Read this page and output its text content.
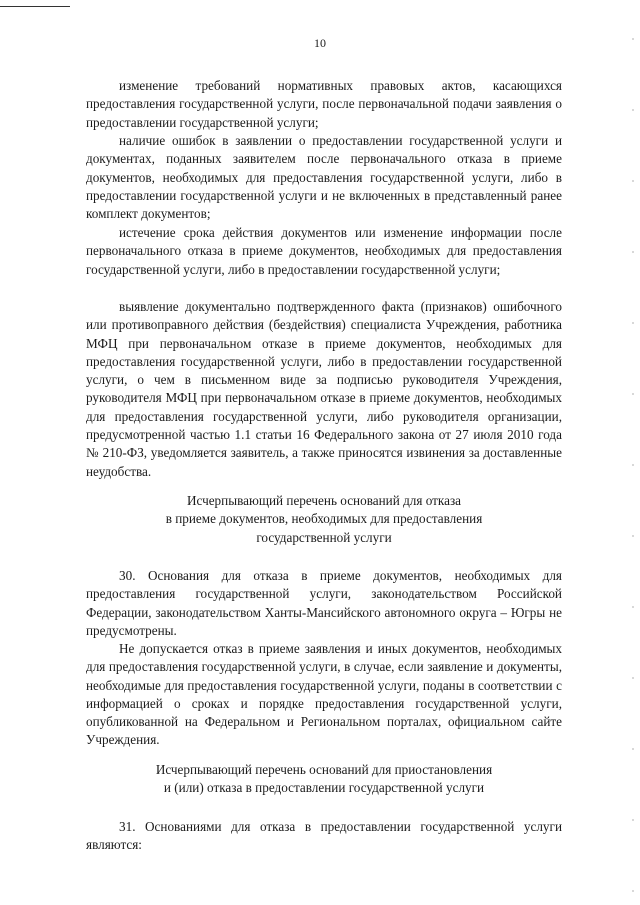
10

изменение требований нормативных правовых актов, касающихся предоставления государственной услуги, после первоначальной подачи заявления о предоставлении государственной услуги;

наличие ошибок в заявлении о предоставлении государственной услуги и документах, поданных заявителем после первоначального отказа в приеме документов, необходимых для предоставления государственной услуги, либо в предоставлении государственной услуги и не включенных в представленный ранее комплект документов;

истечение срока действия документов или изменение информации после первоначального отказа в приеме документов, необходимых для предоставления государственной услуги, либо в предоставлении государственной услуги;

выявление документально подтвержденного факта (признаков) ошибочного или противоправного действия (бездействия) специалиста Учреждения, работника МФЦ при первоначальном отказе в приеме документов, необходимых для предоставления государственной услуги, либо в предоставлении государственной услуги, о чем в письменном виде за подписью руководителя Учреждения, руководителя МФЦ при первоначальном отказе в приеме документов, необходимых для предоставления государственной услуги, либо руководителя организации, предусмотренной частью 1.1 статьи 16 Федерального закона от 27 июля 2010 года № 210-ФЗ, уведомляется заявитель, а также приносятся извинения за доставленные неудобства.

Исчерпывающий перечень оснований для отказа
в приеме документов, необходимых для предоставления
государственной услуги

30. Основания для отказа в приеме документов, необходимых для предоставления государственной услуги, законодательством Российской Федерации, законодательством Ханты-Мансийского автономного округа – Югры не предусмотрены.

Не допускается отказ в приеме заявления и иных документов, необходимых для предоставления государственной услуги, в случае, если заявление и документы, необходимые для предоставления государственной услуги, поданы в соответствии с информацией о сроках и порядке предоставления государственной услуги, опубликованной на Федеральном и Региональном порталах, официальном сайте Учреждения.

Исчерпывающий перечень оснований для приостановления
и (или) отказа в предоставлении государственной услуги

31. Основаниями для отказа в предоставлении государственной услуги являются:
